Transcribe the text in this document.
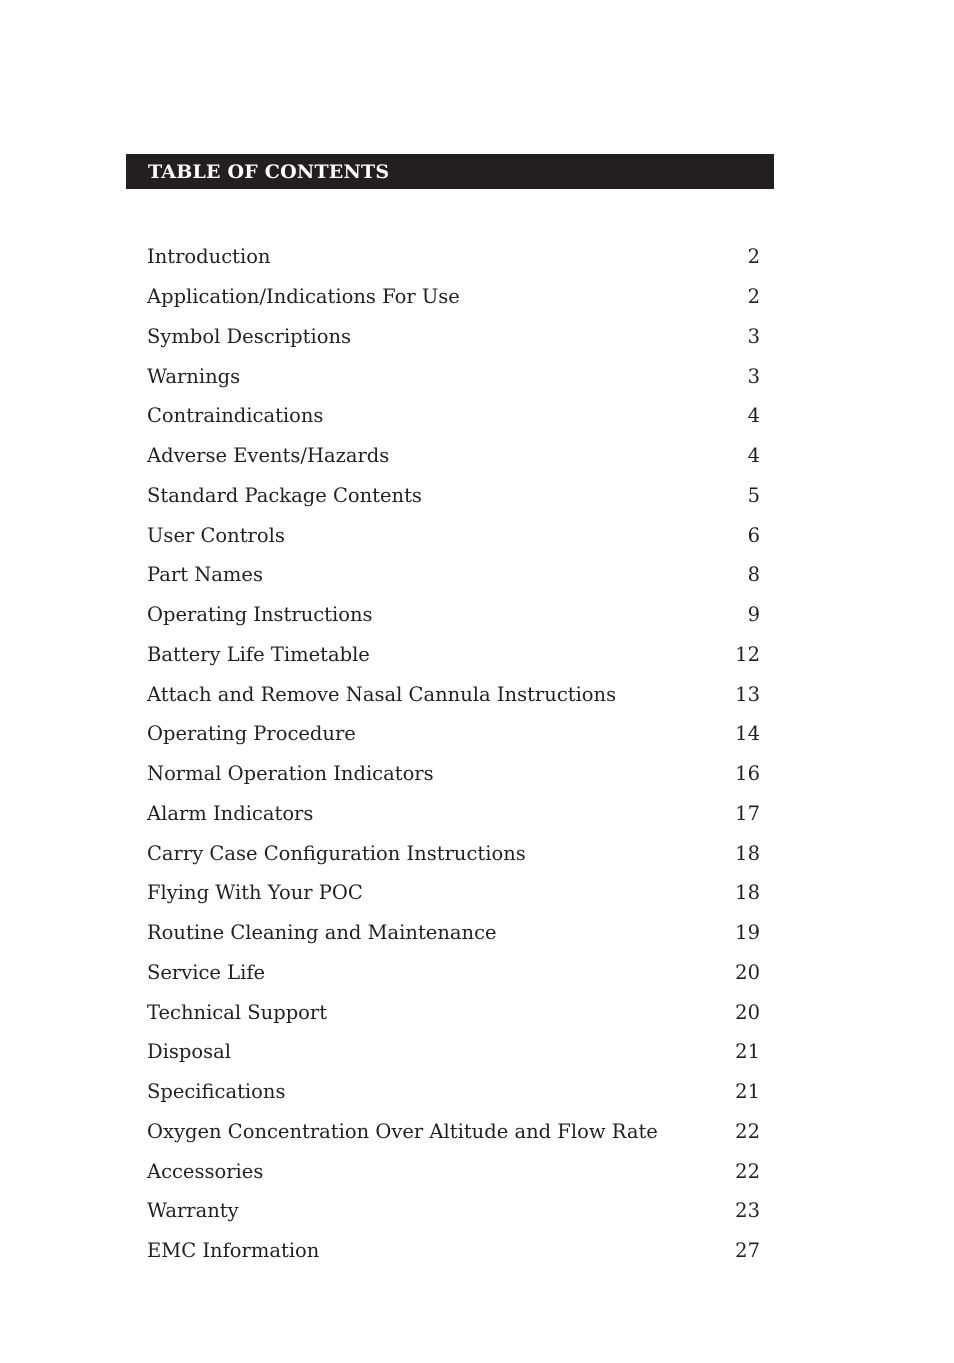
TABLE OF CONTENTS
Introduction	2
Application/Indications For Use	2
Symbol Descriptions	3
Warnings	3
Contraindications	4
Adverse Events/Hazards	4
Standard Package Contents	5
User Controls	6
Part Names	8
Operating Instructions	9
Battery Life Timetable	12
Attach and Remove Nasal Cannula Instructions	13
Operating Procedure	14
Normal Operation Indicators	16
Alarm Indicators	17
Carry Case Configuration Instructions	18
Flying With Your POC	18
Routine Cleaning and Maintenance	19
Service Life	20
Technical Support	20
Disposal	21
Specifications	21
Oxygen Concentration Over Altitude and Flow Rate	22
Accessories	22
Warranty	23
EMC Information	27
